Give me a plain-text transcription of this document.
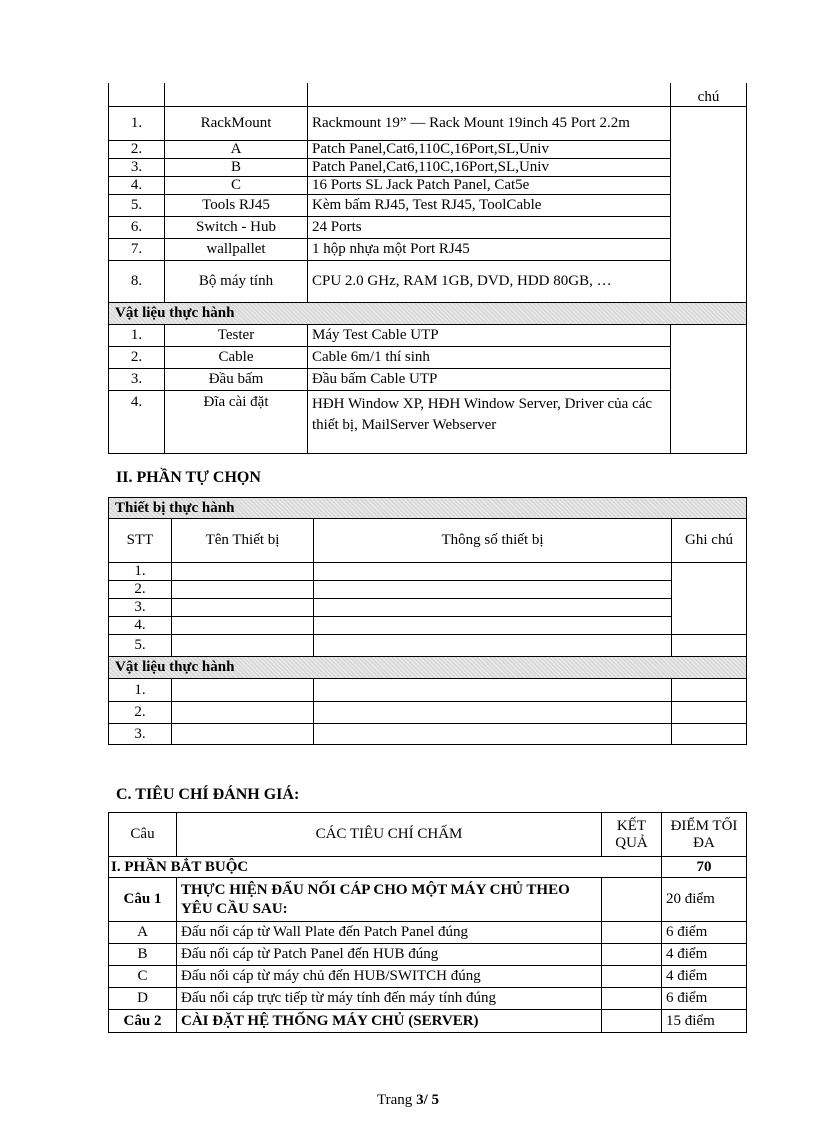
			chú
1.	RackMount	Rackmount 19” — Rack Mount 19inch 45 Port 2.2m	
2.	A	Patch Panel,Cat6,110C,16Port,SL,Univ	
3.	B	Patch Panel,Cat6,110C,16Port,SL,Univ	
4.	C	16 Ports SL Jack Patch Panel, Cat5e	
5.	Tools RJ45	Kèm bấm RJ45, Test RJ45, ToolCable	
6.	Switch - Hub	24 Ports	
7.	wallpallet	1 hộp nhựa một Port RJ45	
8.	Bộ máy tính	CPU 2.0 GHz, RAM 1GB, DVD, HDD 80GB, …	
Vật liệu thực hành			
1.	Tester	Máy Test Cable UTP	
2.	Cable	Cable 6m/1 thí sinh	
3.	Đầu bấm	Đầu bấm Cable UTP	
4.	Đĩa cài đặt	HĐH Window XP, HĐH Window Server, Driver của các thiết bị, MailServer Webserver	
II. PHẦN TỰ CHỌN
Thiết bị thực hành			
STT	Tên Thiết bị	Thông số thiết bị	Ghi chú
1.			
2.			
3.			
4.			
5.			
Vật liệu thực hành			
1.			
2.			
3.			
C. TIÊU CHÍ ĐÁNH GIÁ:
Câu	CÁC TIÊU CHÍ CHẤM	KẾT QUẢ	ĐIỂM TỐI ĐA
I. PHẦN BẮT BUỘC			70
Câu 1	THỰC HIỆN ĐẤU NỐI CÁP CHO MỘT MÁY CHỦ THEO YÊU CẦU SAU:		20 điểm
A	Đấu nối cáp từ Wall Plate đến Patch Panel đúng		6 điểm
B	Đấu nối cáp từ Patch Panel đến HUB đúng		4 điểm
C	Đấu nối cáp từ máy chủ đến HUB/SWITCH đúng		4 điểm
D	Đấu nối cáp trực tiếp từ máy tính đến máy tính đúng		6 điểm
Câu 2	CÀI ĐẶT HỆ THỐNG MÁY CHỦ (SERVER)		15 điểm
Trang 3/ 5
